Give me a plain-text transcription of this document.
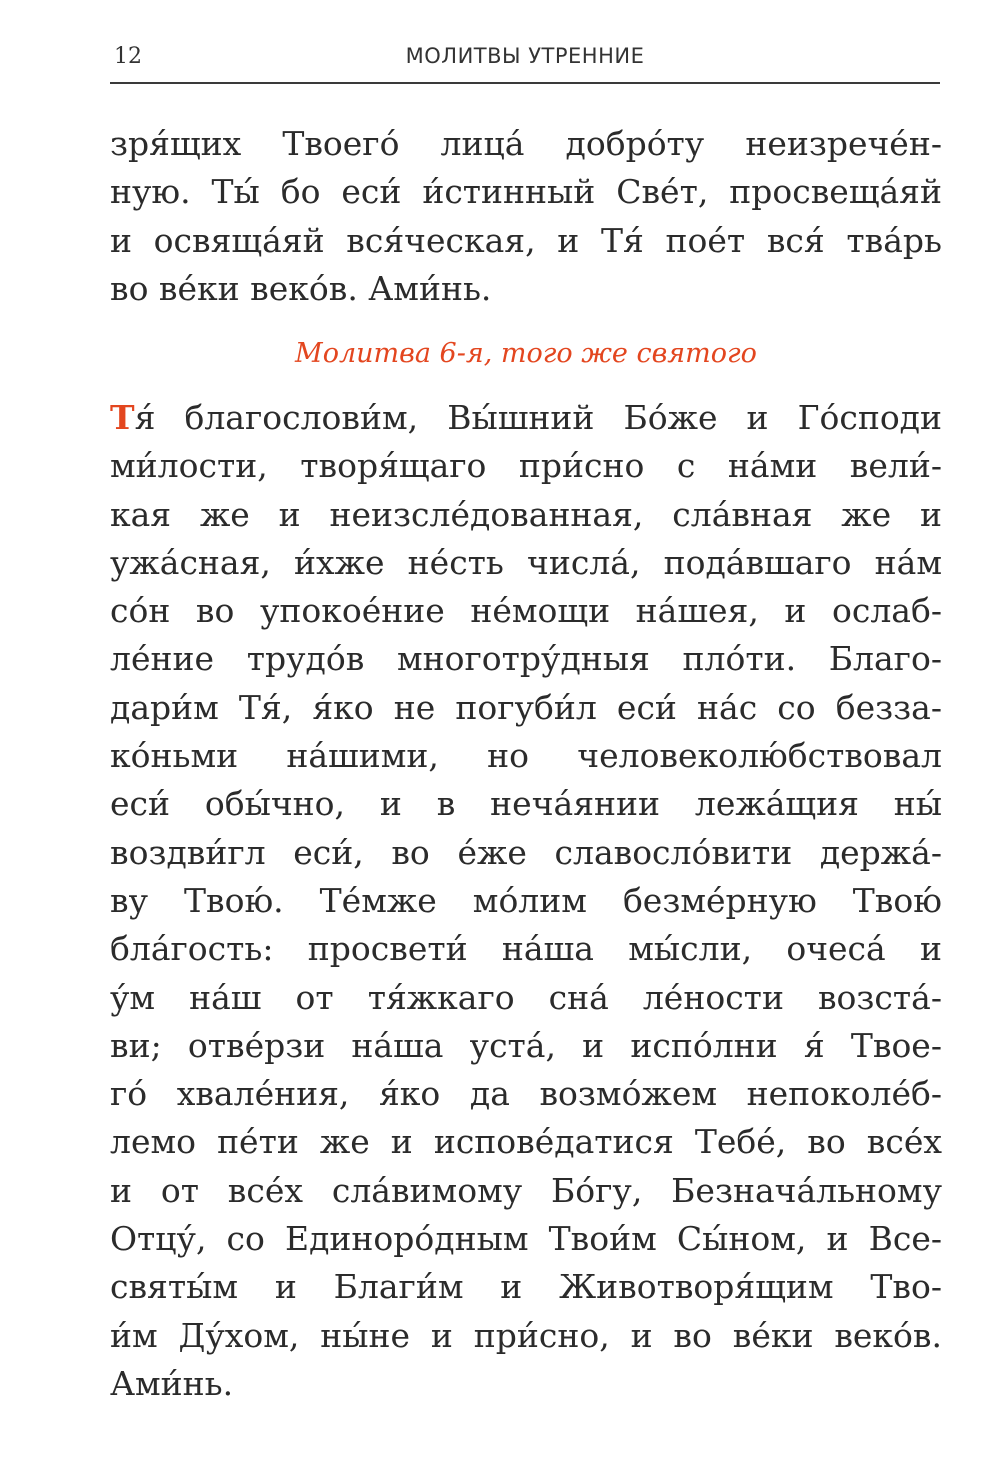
12	МОЛИТВЫ УТРЕННИЕ
зря́щих Твоего́ лица́ добро́ту неизрече́н-
ную. Ты́ бо еси́ и́стинный Све́т, просвеща́яй
и освяща́яй вся́ческая, и Тя́ пое́т вся́ тва́рь
во ве́ки веко́в. Ами́нь.
Молитва 6-я, того же святого
Тя́ благослови́м, Вы́шний Бо́же и Го́споди
ми́лости, творя́щаго при́сно с на́ми вели́-
кая же и неизсле́дованная, сла́вная же и
ужа́сная, и́хже не́сть числа́, пода́вшаго на́м
со́н во упокое́ние не́мощи на́шея, и ослаб-
ле́ние трудо́в многотру́дныя пло́ти. Благо-
дари́м Тя́, я́ко не погуби́л еси́ на́с со безза-
ко́ньми на́шими, но человеколю́бствовал
еси́ обы́чно, и в неча́янии лежа́щия ны́
воздви́гл еси́, во е́же славосло́вити держа́-
ву Твою́. Те́мже мо́лим безме́рную Твою́
бла́гость: просвети́ на́ша мы́сли, очеса́ и
у́м на́ш от тя́жкаго сна́ ле́ности возста́-
ви; отве́рзи на́ша уста́, и испо́лни я́ Твое-
го́ хвале́ния, я́ко да возмо́жем непоколе́б-
лемо пе́ти же и испове́датися Тебе́, во все́х
и от все́х сла́вимому Бо́гу, Безнача́льному
Отцу́, со Единоро́дным Твои́м Сы́ном, и Все-
святы́м и Благи́м и Животворя́щим Тво-
и́м Ду́хом, ны́не и при́сно, и во ве́ки веко́в.
Ами́нь.
